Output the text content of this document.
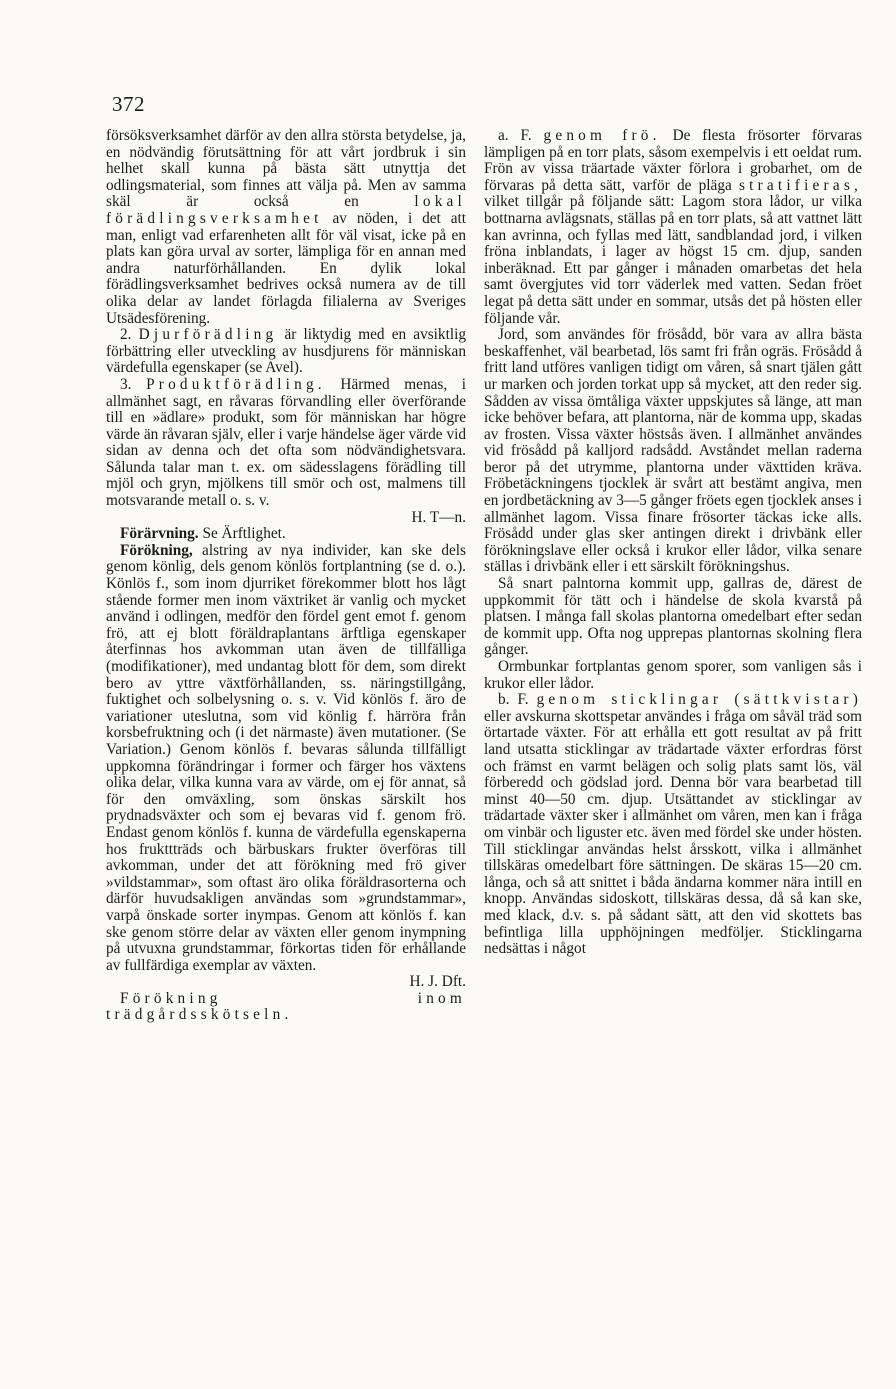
372

försöksverksamhet därför av den allra största betydelse, ja, en nödvändig förutsättning för att vårt jordbruk i sin helhet skall kunna på bästa sätt utnyttja det odlingsmaterial, som finnes att välja på. Men av samma skäl är också en	lokal förädlingsverksamhet av nöden, i det att man, enligt vad erfarenheten allt för väl visat, icke på en plats kan göra urval av sorter, lämpliga för en annan med andra naturförhållanden. En dylik lokal förädlingsverksamhet bedrives också numera av de till olika delar av landet förlagda filialerna av Sveriges Utsädesförening.

2. Djurförädling är liktydig med en avsiktlig förbättring eller utveckling av husdjurens för människan värdefulla egenskaper (se Avel).

3. Produktförädling. Härmed menas, i allmänhet sagt, en råvaras förvandling eller överförande till en »ädlare» produkt, som för människan har högre värde än råvaran själv, eller i varje händelse äger värde vid sidan av denna och det ofta som nödvändighetsvara. Sålunda talar man t. ex. om sädesslagens förädling till mjöl och gryn, mjölkens till smör och ost, malmens till motsvarande metall o. s. v.

H. T—n.

Förärvning. Se Ärftlighet.

Förökning, alstring av nya individer, kan ske dels genom könlig, dels genom könlös fortplantning (se d. o.). Könlös f., som inom djurriket förekommer blott hos lågt stående former men inom växtriket är vanlig och mycket använd i odlingen, medför den fördel gent emot f. genom frö, att ej blott föräldraplantans ärftliga egenskaper återfinnas hos avkomman utan även de tillfälliga (modifikationer), med undantag blott för dem, som direkt bero av yttre växtförhållanden, ss. näringstillgång, fuktighet och solbelysning o. s. v. Vid könlös f. äro de variationer uteslutna, som vid könlig f. härröra från korsbefruktning och (i det närmaste) även mutationer. (Se Variation.) Genom könlös f. bevaras sålunda tillfälligt uppkomna förändringar i former och färger hos växtens olika delar, vilka kunna vara av värde, om ej för annat, så för den omväxling, som önskas särskilt hos prydnadsväxter och som ej bevaras vid f. genom frö. Endast genom könlös f. kunna de värdefulla egenskaperna hos frukttträds och bärbuskars frukter överföras till avkomman, under det att förökning med frö giver »vildstammar», som oftast äro olika föräldrasorterna och därför huvudsakligen användas som »grundstammar», varpå önskade sorter inympas. Genom att könlös f. kan ske genom större delar av växten eller genom inympning på utvuxna grundstammar, förkortas tiden för erhållande av fullfärdiga exemplar av växten.

H. J. Dft.

Förökning inom trädgårdsskötseln.

a. F. genom frö. De flesta frösorter förvaras lämpligen på en torr plats, såsom exempelvis i ett oeldat rum. Frön av vissa träartade växter förlora i grobarhet, om de förvaras på detta sätt, varför de pläga stratifieras, vilket tillgår på följande sätt: Lagom stora lådor, ur vilka bottnarna avlägsnats, ställas på en torr plats, så att vattnet lätt kan avrinna, och fyllas med lätt, sandblandad jord, i vilken fröna inblandats, i lager av högst 15 cm. djup, sanden inberäknad. Ett par gånger i månaden omarbetas det hela samt övergjutes vid torr väderlek med vatten. Sedan fröet legat på detta sätt under en sommar, utsås det på hösten eller följande vår.

Jord, som användes för frösådd, bör vara av allra bästa beskaffenhet, väl bearbetad, lös samt fri från ogräs. Frösådd å fritt land utföres vanligen tidigt om våren, så snart tjälen gått ur marken och jorden torkat upp så mycket, att den reder sig. Sådden av vissa ömtåliga växter uppskjutes så länge, att man icke behöver befara, att plantorna, när de komma upp, skadas av frosten. Vissa växter höstsås även. I allmänhet användes vid frösådd på kalljord radsådd. Avståndet mellan raderna beror på det utrymme, plantorna under växttiden kräva. Fröbetäckningens tjocklek är svårt att bestämt angiva, men en jordbetäckning av 3—5 gånger fröets egen tjocklek anses i allmänhet lagom. Vissa finare frösorter täckas icke alls. Frösådd under glas sker antingen direkt i drivbänk eller förökningslave eller också i krukor eller lådor, vilka senare ställas i drivbänk eller i ett särskilt förökningshus.

Så snart palntorna kommit upp, gallras de, därest de uppkommit för tätt och i händelse de skola kvarstå på platsen. I många fall skolas plantorna omedelbart efter sedan de kommit upp. Ofta nog upprepas plantornas skolning flera gånger.

Ormbunkar fortplantas genom sporer, som vanligen sås i krukor eller lådor.

b. F. genom sticklingar (sättkvistar) eller avskurna skottspetar användes i fråga om såväl träd som örtartade växter. För att erhålla ett gott resultat av på fritt land utsatta sticklingar av trädartade växter erfordras först och främst en varmt belägen och solig plats samt lös, väl förberedd och gödslad jord. Denna bör vara bearbetad till minst 40—50 cm. djup. Utsättandet av sticklingar av trädartade växter sker i allmänhet om våren, men kan i fråga om vinbär och liguster etc. även med fördel ske under hösten. Till sticklingar användas helst årsskott, vilka i allmänhet tillskäras omedelbart före sättningen. De skäras 15—20 cm. långa, och så att snittet i båda ändarna kommer nära intill en knopp. Användas sidoskott, tillskäras dessa, då så kan ske, med klack, d.v. s. på sådant sätt, att den vid skottets bas befintliga lilla upphöjningen medföljer. Sticklingarna nedsättas i något
